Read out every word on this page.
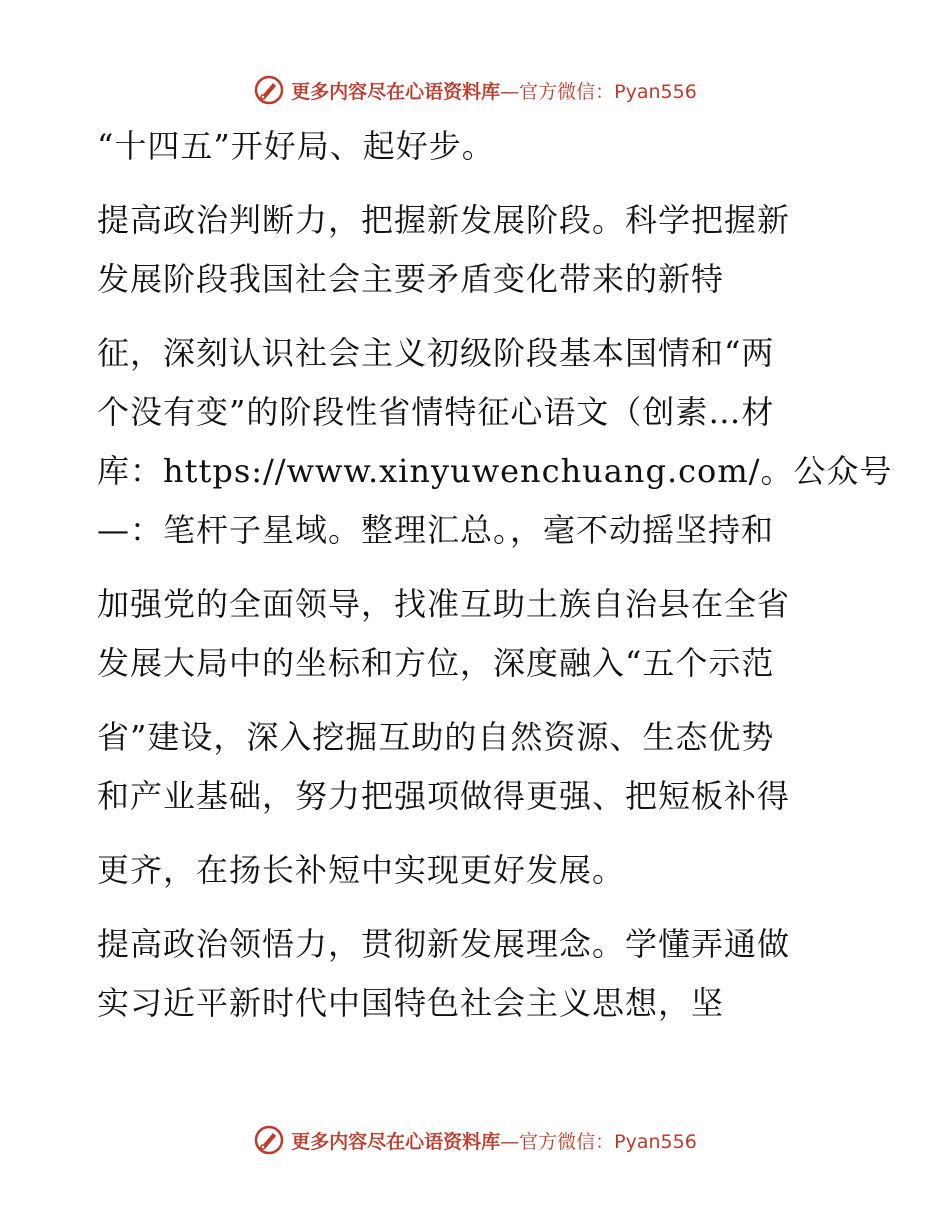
更多内容尽在心语资料库 —官方微信：Pyan556
“十四五”开好局、起好步。
提高政治判断力，把握新发展阶段。科学把握新
发展阶段我国社会主要矛盾变化带来的新特
征，深刻认识社会主义初级阶段基本国情和“两
个没有变”的阶段性省情特征心语文（创素…材
库：https://www.xinyuwenchuang.com/。公众号
—：笔杆子星域。整理汇总。，毫不动摇坚持和
加强党的全面领导，找准互助土族自治县在全省
发展大局中的坐标和方位，深度融入“五个示范
省”建设，深入挖掘互助的自然资源、生态优势
和产业基础，努力把强项做得更强、把短板补得
更齐，在扬长补短中实现更好发展。
提高政治领悟力，贯彻新发展理念。学懂弄通做
实习近平新时代中国特色社会主义思想，坚
更多内容尽在心语资料库 —官方微信：Pyan556
